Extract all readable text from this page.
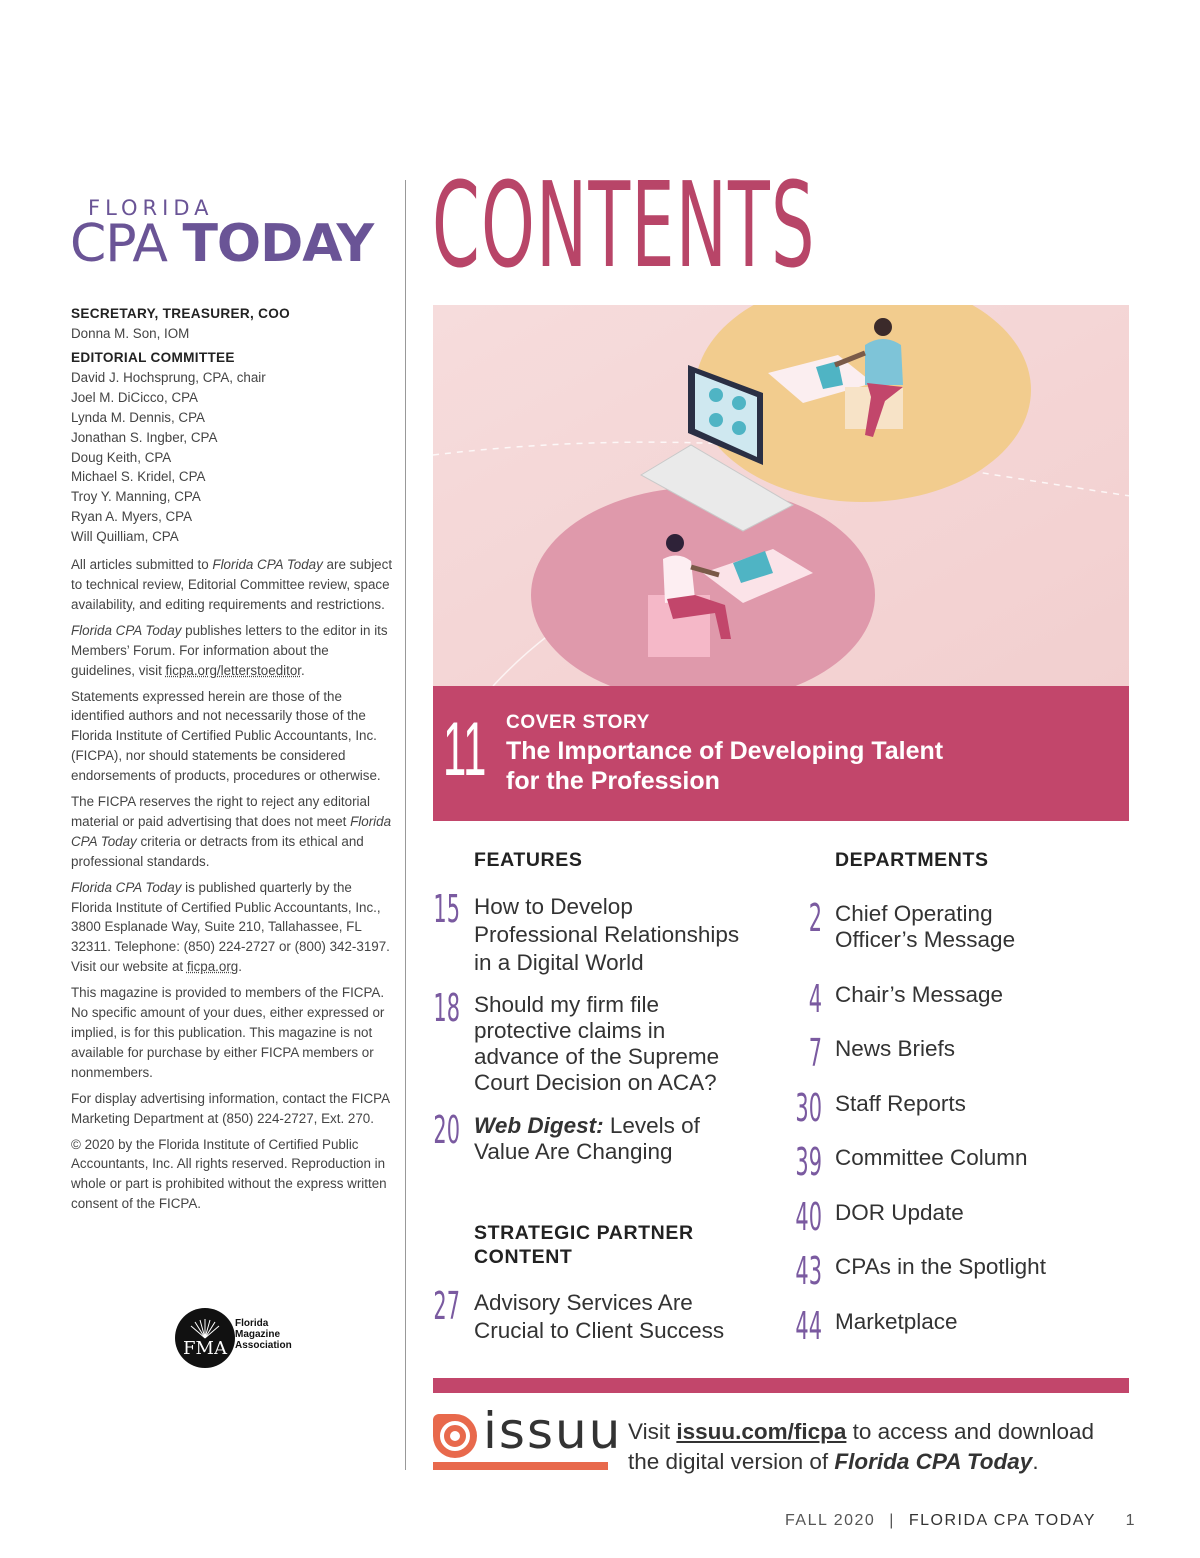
FLORIDA
CPA TODAY
SECRETARY, TREASURER, COO
Donna M. Son, IOM
EDITORIAL COMMITTEE
David J. Hochsprung, CPA, chair
Joel M. DiCicco, CPA
Lynda M. Dennis, CPA
Jonathan S. Ingber, CPA
Doug Keith, CPA
Michael S. Kridel, CPA
Troy Y. Manning, CPA
Ryan A. Myers, CPA
Will Quilliam, CPA

All articles submitted to Florida CPA Today are subject to technical review, Editorial Committee review, space availability, and editing requirements and restrictions.

Florida CPA Today publishes letters to the editor in its Members’ Forum. For information about the guidelines, visit ficpa.org/letterstoeditor.

Statements expressed herein are those of the identified authors and not necessarily those of the Florida Institute of Certified Public Accountants, Inc. (FICPA), nor should statements be considered endorsements of products, procedures or otherwise.

The FICPA reserves the right to reject any editorial material or paid advertising that does not meet Florida CPA Today criteria or detracts from its ethical and professional standards.

Florida CPA Today is published quarterly by the Florida Institute of Certified Public Accountants, Inc., 3800 Esplanade Way, Suite 210, Tallahassee, FL 32311. Telephone: (850) 224-2727 or (800) 342-3197. Visit our website at ficpa.org.

This magazine is provided to members of the FICPA. No specific amount of your dues, either expressed or implied, is for this publication. This magazine is not available for purchase by either FICPA members or nonmembers.

For display advertising information, contact the FICPA Marketing Department at (850) 224-2727, Ext. 270.

© 2020 by the Florida Institute of Certified Public Accountants, Inc. All rights reserved. Reproduction in whole or part is prohibited without the express written consent of the FICPA.

FMA
Florida
Magazine
Association
CONTENTS
11 COVER STORY
The Importance of Developing Talent
for the Profession
FEATURES
15 How to Develop
Professional Relationships
in a Digital World
18 Should my firm file
protective claims in
advance of the Supreme
Court Decision on ACA?
20 Web Digest: Levels of
Value Are Changing
STRATEGIC PARTNER
CONTENT
27 Advisory Services Are
Crucial to Client Success
DEPARTMENTS
2 Chief Operating
Officer’s Message
4 Chair’s Message
7 News Briefs
30 Staff Reports
39 Committee Column
40 DOR Update
43 CPAs in the Spotlight
44 Marketplace
issuu Visit issuu.com/ficpa to access and download
the digital version of Florida CPA Today.
FALL 2020 | FLORIDA CPA TODAY 1
